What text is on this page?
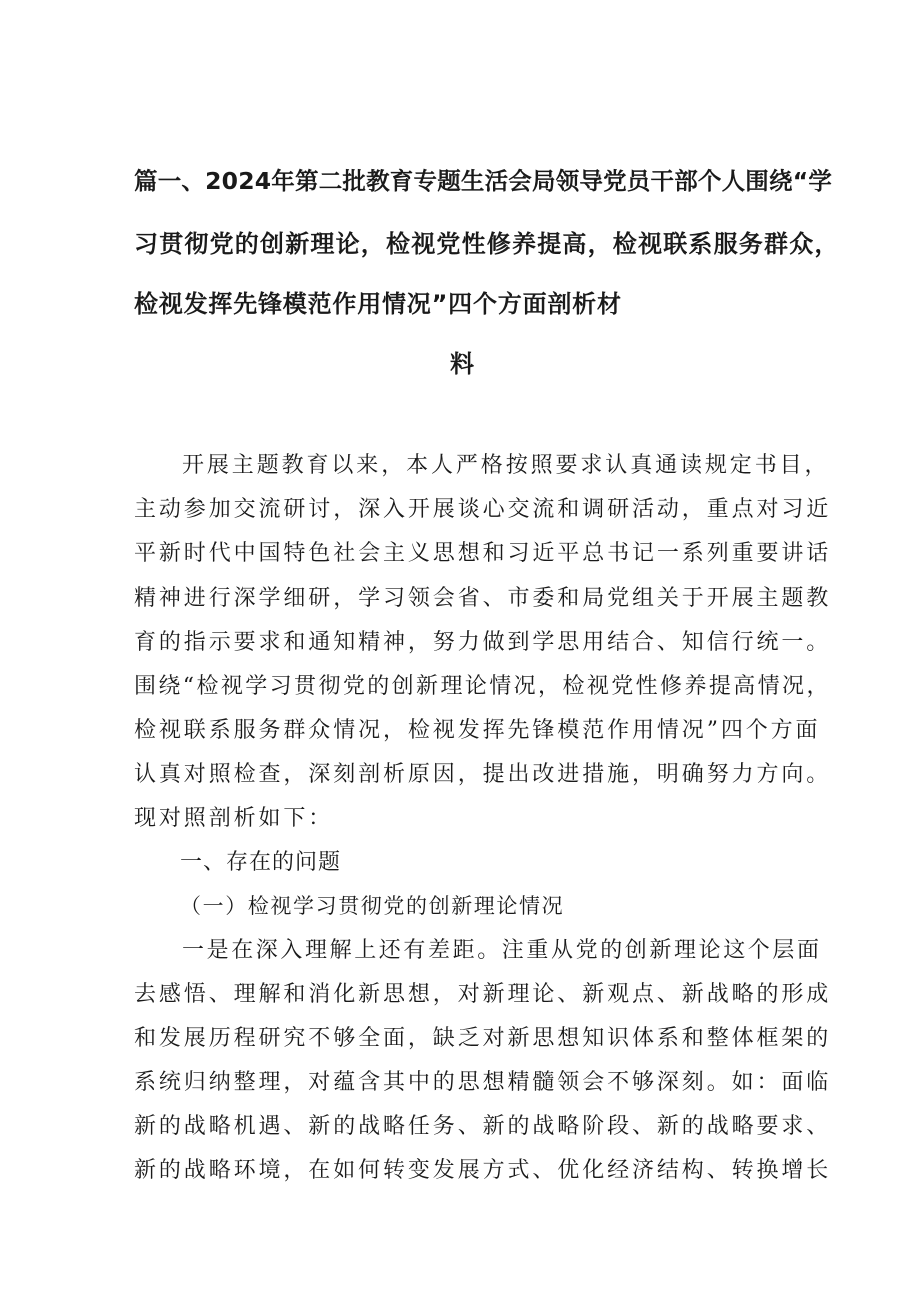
篇一、2024年第二批教育专题生活会局领导党员干部个人围绕“学
习贯彻党的创新理论，检视党性修养提高，检视联系服务群众，
检视发挥先锋模范作用情况”四个方面剖析材
料
开展主题教育以来，本人严格按照要求认真通读规定书目，
主动参加交流研讨，深入开展谈心交流和调研活动，重点对习近
平新时代中国特色社会主义思想和习近平总书记一系列重要讲话
精神进行深学细研，学习领会省、市委和局党组关于开展主题教
育的指示要求和通知精神，努力做到学思用结合、知信行统一。
围绕“检视学习贯彻党的创新理论情况，检视党性修养提高情况，
检视联系服务群众情况，检视发挥先锋模范作用情况”四个方面
认真对照检查，深刻剖析原因，提出改进措施，明确努力方向。
现对照剖析如下：
一、存在的问题
（一）检视学习贯彻党的创新理论情况
一是在深入理解上还有差距。注重从党的创新理论这个层面
去感悟、理解和消化新思想，对新理论、新观点、新战略的形成
和发展历程研究不够全面，缺乏对新思想知识体系和整体框架的
系统归纳整理，对蕴含其中的思想精髓领会不够深刻。如：面临
新的战略机遇、新的战略任务、新的战略阶段、新的战略要求、
新的战略环境，在如何转变发展方式、优化经济结构、转换增长
